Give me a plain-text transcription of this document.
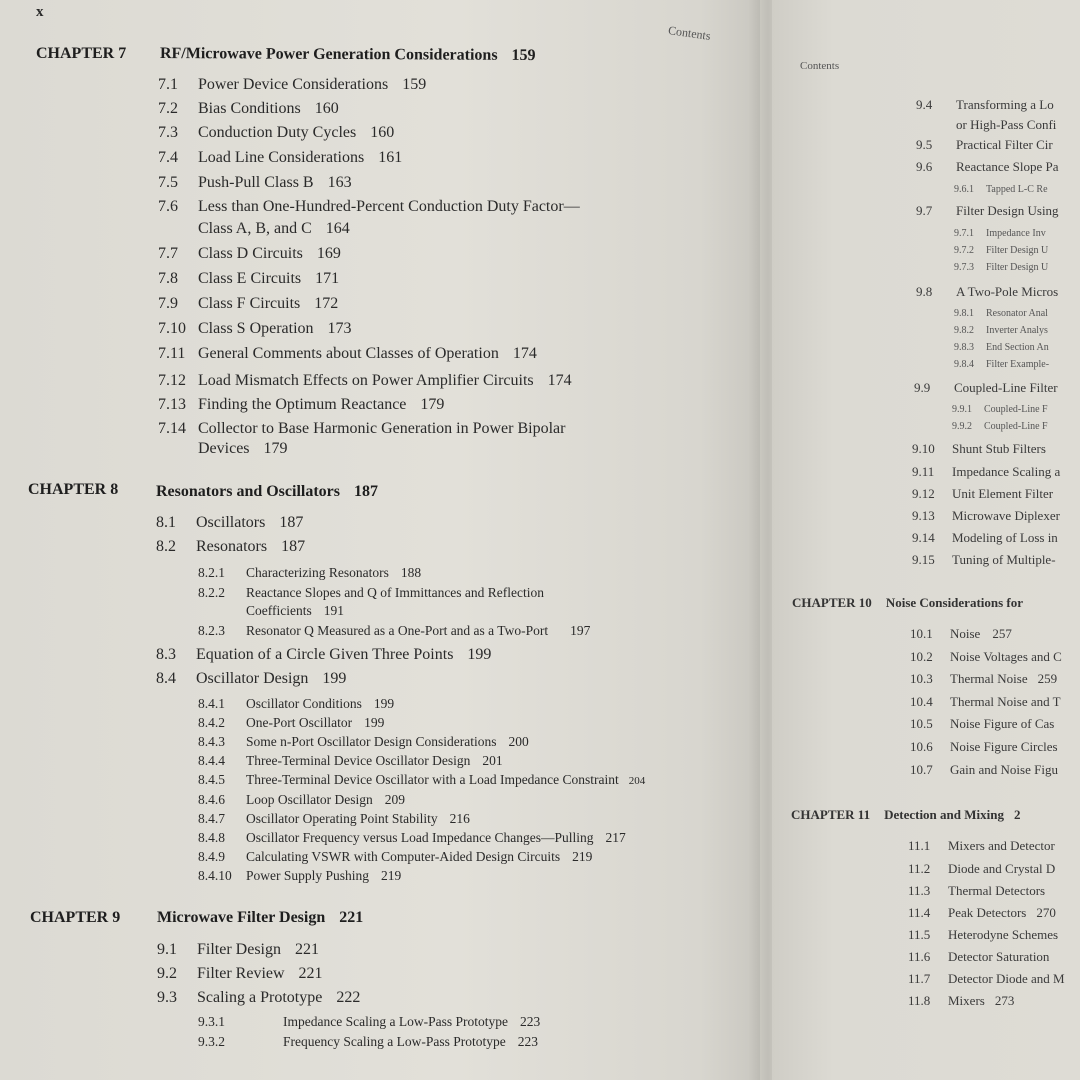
x
Contents
CHAPTER 7 RF/Microwave Power Generation Considerations 159
7.1 Power Device Considerations 159
7.2 Bias Conditions 160
7.3 Conduction Duty Cycles 160
7.4 Load Line Considerations 161
7.5 Push-Pull Class B 163
7.6 Less than One-Hundred-Percent Conduction Duty Factor—
Class A, B, and C 164
7.7 Class D Circuits 169
7.8 Class E Circuits 171
7.9 Class F Circuits 172
7.10 Class S Operation 173
7.11 General Comments about Classes of Operation 174
7.12 Load Mismatch Effects on Power Amplifier Circuits 174
7.13 Finding the Optimum Reactance 179
7.14 Collector to Base Harmonic Generation in Power Bipolar
Devices 179
CHAPTER 8 Resonators and Oscillators 187
8.1 Oscillators 187
8.2 Resonators 187
8.2.1 Characterizing Resonators 188
8.2.2 Reactance Slopes and Q of Immittances and Reflection
Coefficients 191
8.2.3 Resonator Q Measured as a One-Port and as a Two-Port 197
8.3 Equation of a Circle Given Three Points 199
8.4 Oscillator Design 199
8.4.1 Oscillator Conditions 199
8.4.2 One-Port Oscillator 199
8.4.3 Some n-Port Oscillator Design Considerations 200
8.4.4 Three-Terminal Device Oscillator Design 201
8.4.5 Three-Terminal Device Oscillator with a Load Impedance Constraint 204
8.4.6 Loop Oscillator Design 209
8.4.7 Oscillator Operating Point Stability 216
8.4.8 Oscillator Frequency versus Load Impedance Changes—Pulling 217
8.4.9 Calculating VSWR with Computer-Aided Design Circuits 219
8.4.10 Power Supply Pushing 219
CHAPTER 9 Microwave Filter Design 221
9.1 Filter Design 221
9.2 Filter Review 221
9.3 Scaling a Prototype 222
9.3.1	Impedance Scaling a Low-Pass Prototype 223
9.3.2	Frequency Scaling a Low-Pass Prototype 223
Contents
9.4 Transforming a Lo
or High-Pass Confi
9.5 Practical Filter Cir
9.6 Reactance Slope Pa
9.6.1 Tapped L-C Re
9.7 Filter Design Using
9.7.1 Impedance Inv
9.7.2 Filter Design U
9.7.3 Filter Design U
9.8 A Two-Pole Micros
9.8.1 Resonator Anal
9.8.2 Inverter Analys
9.8.3 End Section An
9.8.4 Filter Example-
9.9 Coupled-Line Filter
9.9.1 Coupled-Line F
9.9.2 Coupled-Line F
9.10 Shunt Stub Filters
9.11 Impedance Scaling a
9.12 Unit Element Filter
9.13 Microwave Diplexer
9.14 Modeling of Loss in
9.15 Tuning of Multiple-
CHAPTER 10 Noise Considerations for
10.1 Noise 257
10.2 Noise Voltages and C
10.3 Thermal Noise 259
10.4 Thermal Noise and T
10.5 Noise Figure of Cas
10.6 Noise Figure Circles
10.7 Gain and Noise Figu
CHAPTER 11 Detection and Mixing 2
11.1 Mixers and Detector
11.2 Diode and Crystal D
11.3 Thermal Detectors
11.4 Peak Detectors 270
11.5 Heterodyne Schemes
11.6 Detector Saturation
11.7 Detector Diode and M
11.8 Mixers 273
